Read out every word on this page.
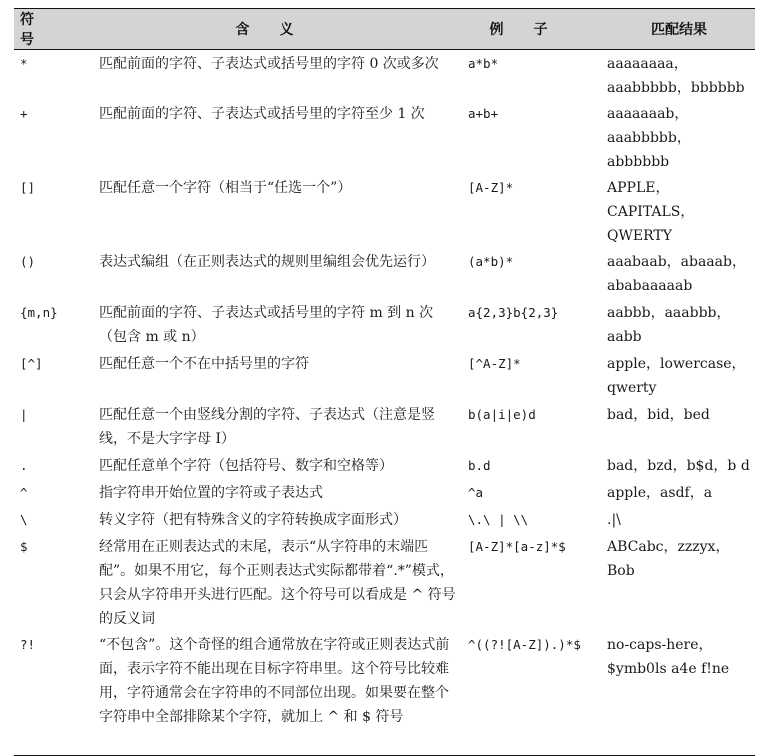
符号	含义	例子	匹配结果
*	匹配前面的字符、子表达式或括号里的字符 0 次或多次	a*b*	aaaaaaaa，aaabbbbb，bbbbbb
+	匹配前面的字符、子表达式或括号里的字符至少 1 次	a+b+	aaaaaaab，aaabbbbb，abbbbbb
[]	匹配任意一个字符（相当于“任选一个”）	[A-Z]*	APPLE，CAPITALS，QWERTY
()	表达式编组（在正则表达式的规则里编组会优先运行）	(a*b)*	aaabaab，abaaab，ababaaaaab
{m,n}	匹配前面的字符、子表达式或括号里的字符 m 到 n 次（包含 m 或 n）	a{2,3}b{2,3}	aabbb，aaabbb，aabb
[^]	匹配任意一个不在中括号里的字符	[^A-Z]*	apple，lowercase，qwerty
|	匹配任意一个由竖线分割的字符、子表达式（注意是竖线，不是大字字母 I）	b(a|i|e)d	bad，bid，bed
.	匹配任意单个字符（包括符号、数字和空格等）	b.d	bad，bzd，b$d，b d
^	指字符串开始位置的字符或子表达式	^a	apple，asdf，a
\	转义字符（把有特殊含义的字符转换成字面形式）	\.\ | \\	.|\
$	经常用在正则表达式的末尾，表示“从字符串的末端匹配”。如果不用它，每个正则表达式实际都带着“.*”模式，只会从字符串开头进行匹配。这个符号可以看成是 ^ 符号的反义词	[A-Z]*[a-z]*$	ABCabc，zzzyx，Bob
?!	“不包含”。这个奇怪的组合通常放在字符或正则表达式前面，表示字符不能出现在目标字符串里。这个符号比较难用，字符通常会在字符串的不同部位出现。如果要在整个字符串中全部排除某个字符，就加上 ^ 和 $ 符号	^((?![A-Z]).)*$	no-caps-here，$ymb0ls a4e f!ne
